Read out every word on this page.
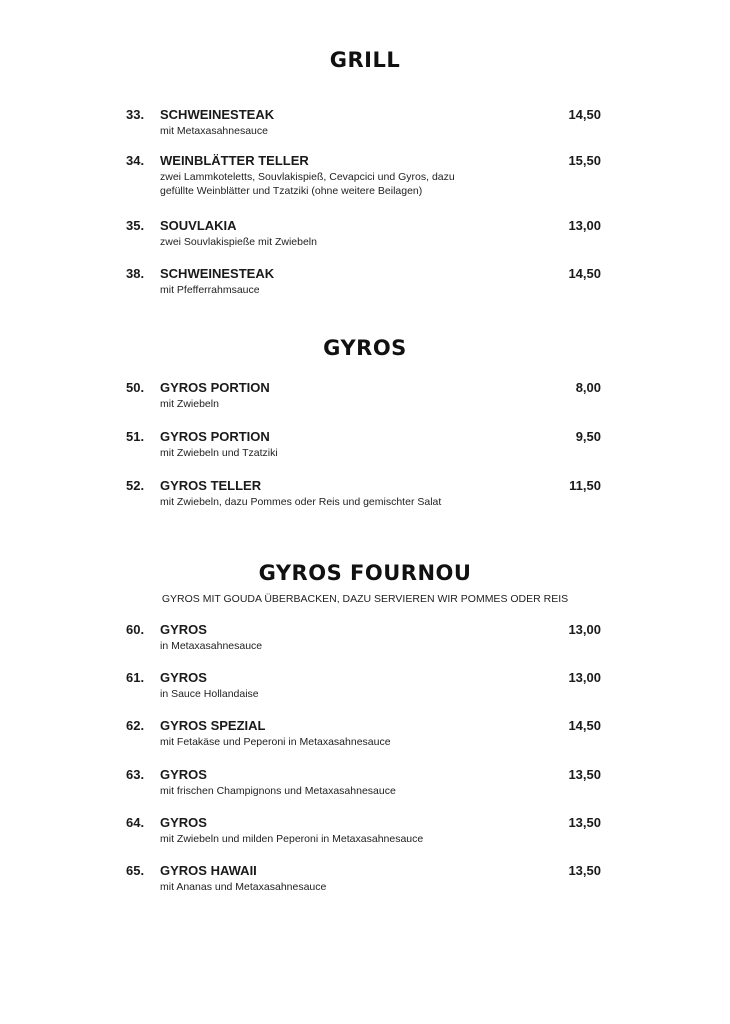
GRILL
33. SCHWEINESTEAK	14,50
mit Metaxasahnesauce
34. WEINBLÄTTER TELLER	15,50
zwei Lammkoteletts, Souvlakispieß, Cevapcici und Gyros, dazu
gefüllte Weinblätter und Tzatziki (ohne weitere Beilagen)
35. SOUVLAKIA	13,00
zwei Souvlakispieße mit Zwiebeln
38. SCHWEINESTEAK	14,50
mit Pfefferrahmsauce
GYROS
50. GYROS PORTION	8,00
mit Zwiebeln
51. GYROS PORTION	9,50
mit Zwiebeln und Tzatziki
52. GYROS TELLER	11,50
mit Zwiebeln, dazu Pommes oder Reis und gemischter Salat
GYROS FOURNOU

GYROS MIT GOUDA ÜBERBACKEN, DAZU SERVIEREN WIR POMMES ODER REIS

60. GYROS	13,00
in Metaxasahnesauce
61. GYROS	13,00
in Sauce Hollandaise
62. GYROS SPEZIAL	14,50
mit Fetakäse und Peperoni in Metaxasahnesauce
63. GYROS	13,50
mit frischen Champignons und Metaxasahnesauce
64. GYROS	13,50
mit Zwiebeln und milden Peperoni in Metaxasahnesauce
65. GYROS HAWAII	13,50
mit Ananas und Metaxasahnesauce
